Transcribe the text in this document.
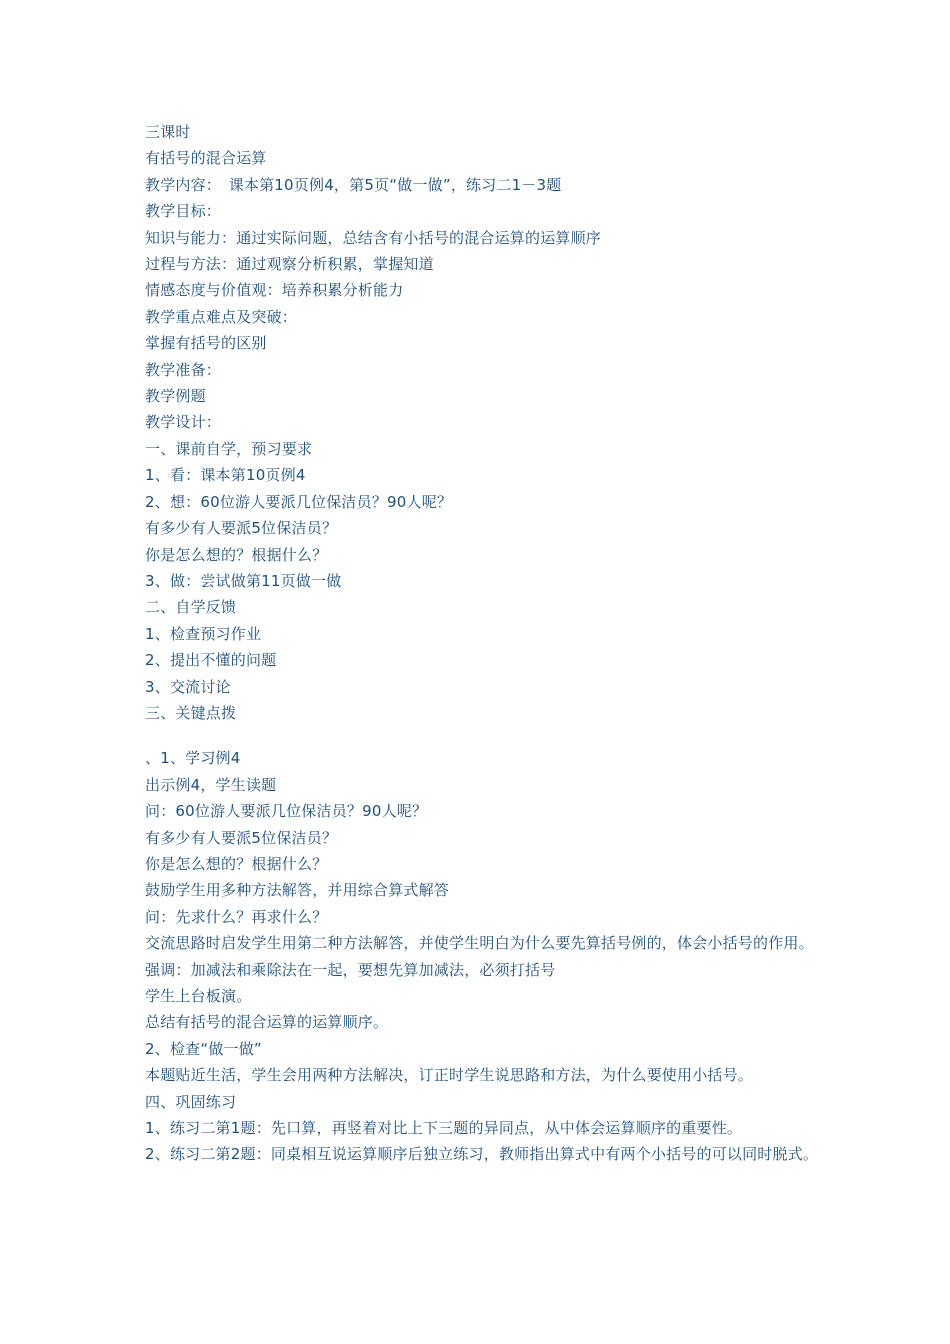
三课时
有括号的混合运算
教学内容：　课本第10页例4，第5页“做一做”，练习二1－3题
教学目标：
知识与能力：通过实际问题，总结含有小括号的混合运算的运算顺序
过程与方法：通过观察分析积累，掌握知道
情感态度与价值观：培养积累分析能力
教学重点难点及突破：
掌握有括号的区别
教学准备：
教学例题
教学设计：
一、课前自学，预习要求
1、看：课本第10页例4
2、想：60位游人要派几位保洁员？90人呢？
有多少有人要派5位保洁员？
你是怎么想的？根据什么？
3、做：尝试做第11页做一做
二、自学反馈
1、检查预习作业
2、提出不懂的问题
3、交流讨论
三、关键点拨
、1、学习例4
出示例4，学生读题
问：60位游人要派几位保洁员？90人呢？
有多少有人要派5位保洁员？
你是怎么想的？根据什么？
鼓励学生用多种方法解答，并用综合算式解答
问：先求什么？再求什么？
交流思路时启发学生用第二种方法解答，并使学生明白为什么要先算括号例的，体会小括号的作用。
强调：加减法和乘除法在一起，要想先算加减法，必须打括号
学生上台板演。
总结有括号的混合运算的运算顺序。
2、检查“做一做”
本题贴近生活，学生会用两种方法解决，订正时学生说思路和方法，为什么要使用小括号。
四、巩固练习
1、练习二第1题：先口算，再竖着对比上下三题的异同点，从中体会运算顺序的重要性。
2、练习二第2题：同桌相互说运算顺序后独立练习，教师指出算式中有两个小括号的可以同时脱式。
